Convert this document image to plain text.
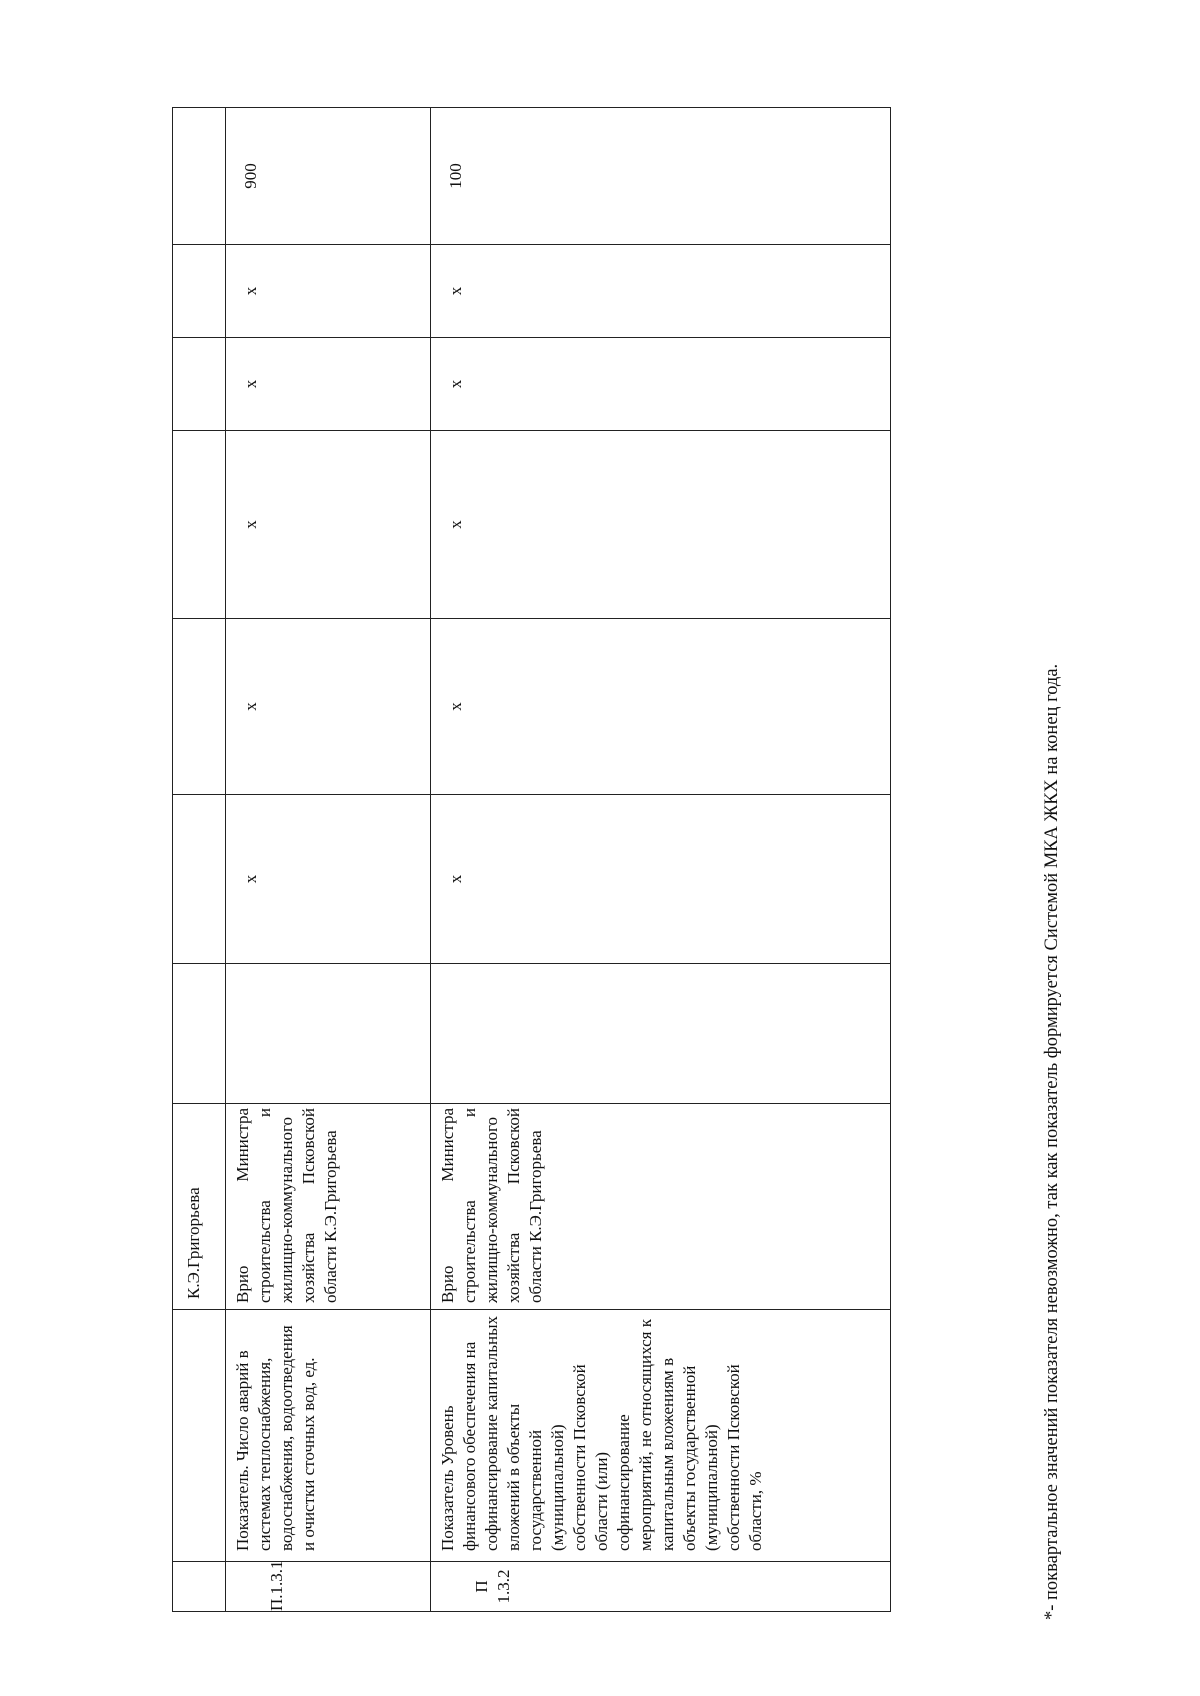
		К.Э.Григорьева							
П.1.3.1	Показатель. Число аварий в системах теплоснабжения, водоснабжения, водоотведения и очистки сточных вод, ед.	Врио Министра строительства и жилищно-коммунального хозяйства Псковской области К.Э.Григорьева		х	х	х	х	х	900
П 1.3.2	Показатель Уровень финансового обеспечения на софинансирование капитальных вложений в объекты государственной (муниципальной) собственности Псковской области (или) софинансирование мероприятий, не относящихся к капитальным вложениям в объекты государственной (муниципальной) собственности Псковской области, %	Врио Министра строительства и жилищно-коммунального хозяйства Псковской области К.Э.Григорьева		х	х	х	х	х	100
*- поквартальное значений показателя невозможно, так как показатель формируется Системой МКА ЖКХ на конец года.
